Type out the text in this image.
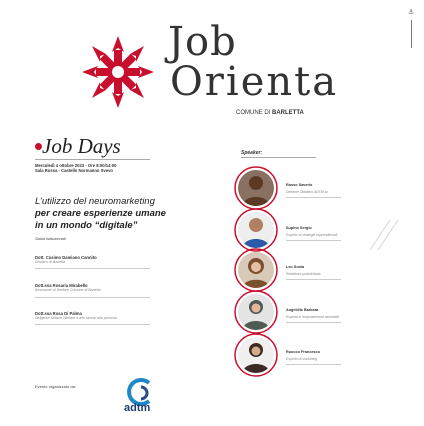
⚓
Job
Orienta
COMUNE DI BARLETTA
Job Days
Mercoledì 4 ottobre 2023 - Ore 8:00/14:00
Sala Rossa - Castello Normanno Svevo
L’utilizzo del neuromarketing
per creare esperienze umane
in un mondo “digitale”
Saluti istituzionali
Dott. Cosimo Damiano Cannito
Sindaco di Barletta
Dott.ssa Rosaria Mirabello
Assessore al Welfare Comune di Barletta
Dott.ssa Rosa Di Palma
Dirigente Settore Welfare e altri servizi alla persona
Evento organizzato da:
adtm
Speaker:
Russo Saverio
Direttore Didattico ADTM srl
Supino Sergio
Esperto di strategie imprenditoriali
Leo Sonia
Redattrice pubblicitaria
Angelillis Barbara
Esperta in empowerment aziendale
Ruocco Francesco
Esperto di marketing
